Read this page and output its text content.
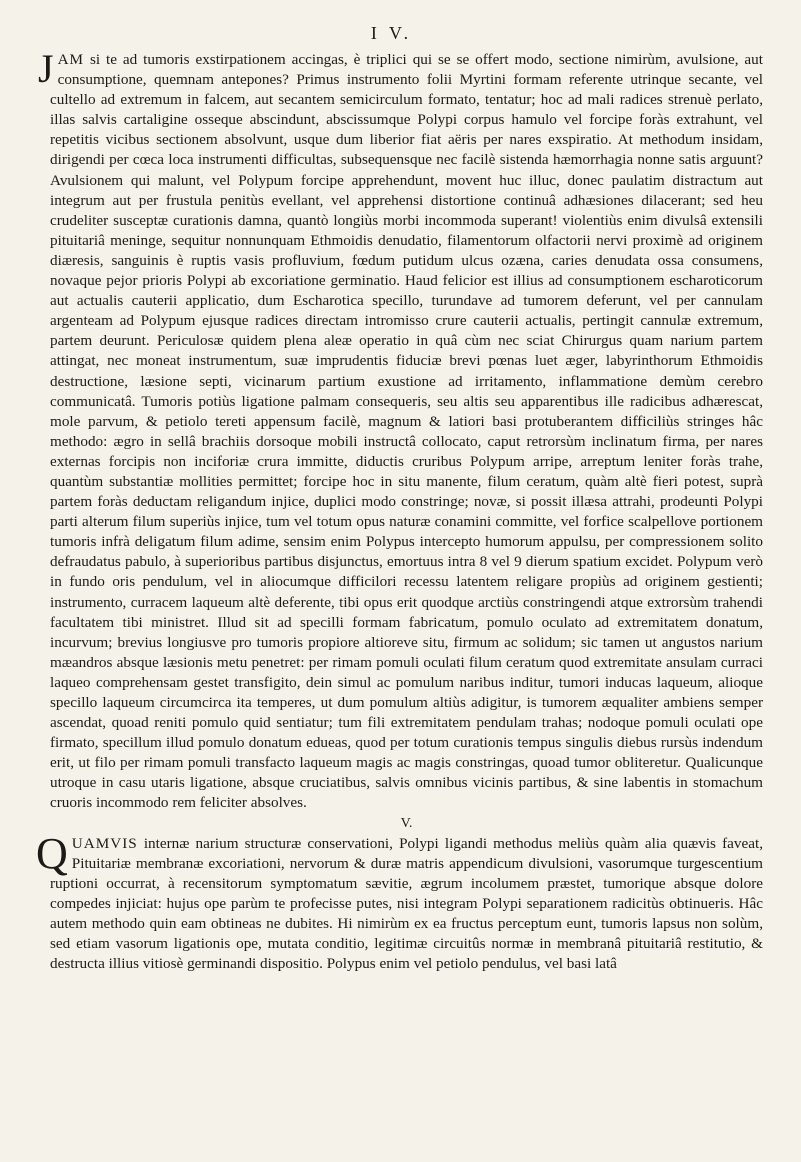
I V.

JAM si te ad tumoris exstirpationem accingas, è triplici qui se se offert modo, sectione nimirùm, avulsione, aut consumptione, quemnam antepones? Primus instrumento folii Myrtini formam referente utrinque secante, vel cultello ad extremum in falcem, aut secantem semicirculum formato, tentatur; hoc ad mali radices strenuè perlato, illas salvis cartaligine osseque abscindunt, abscissumque Polypi corpus hamulo vel forcipe foràs extrahunt, vel repetitis vicibus sectionem absolvunt, usque dum liberior fiat aëris per nares exspiratio. At methodum insidam, dirigendi per cœca loca instrumenti difficultas, subsequensque nec facilè sistenda hæmorrhagia nonne satis arguunt? Avulsionem qui malunt, vel Polypum forcipe apprehendunt, movent huc illuc, donec paulatim distractum aut integrum aut per frustula penitùs evellant, vel apprehensi distortione continuâ adhæsiones dilacerant; sed heu crudeliter susceptæ curationis damna, quantò longiùs morbi incommoda superant! violentiùs enim divulsâ extensili pituitariâ meninge, sequitur nonnunquam Ethmoidis denudatio, filamentorum olfactorii nervi proximè ad originem diæresis, sanguinis è ruptis vasis profluvium, fœdum putidum ulcus ozæna, caries denudata ossa consumens, novaque pejor prioris Polypi ab excoriatione germinatio. Haud felicior est illius ad consumptionem escharoticorum aut actualis cauterii applicatio, dum Escharotica specillo, turundave ad tumorem deferunt, vel per cannulam argenteam ad Polypum ejusque radices directam intromisso crure cauterii actualis, pertingit cannulæ extremum, partem deurunt. Periculosæ quidem plena aleæ operatio in quâ cùm nec sciat Chirurgus quam narium partem attingat, nec moneat instrumentum, suæ imprudentis fiduciæ brevi pœnas luet æger, labyrinthorum Ethmoidis destructione, læsione septi, vicinarum partium exustione ad irritamento, inflammatione demùm cerebro communicatâ. Tumoris potiùs ligatione palmam consequeris, seu altis seu apparentibus ille radicibus adhærescat, mole parvum, & petiolo tereti appensum facilè, magnum & latiori basi protuberantem difficiliùs stringes hâc methodo: ægro in sellâ brachiis dorsoque mobili instructâ collocato, caput retrorsùm inclinatum firma, per nares externas forcipis non inciforiæ crura immitte, diductis cruribus Polypum arripe, arreptum leniter foràs trahe, quantùm substantiæ mollities permittet; forcipe hoc in situ manente, filum ceratum, quàm altè fieri potest, suprà partem foràs deductam religandum injice, duplici modo constringe; novæ, si possit illæsa attrahi, prodeunti Polypi parti alterum filum superiùs injice, tum vel totum opus naturæ conamini committe, vel forfice scalpellove portionem tumoris infrà deligatum filum adime, sensim enim Polypus intercepto humorum appulsu, per compressionem solito defraudatus pabulo, à superioribus partibus disjunctus, emortuus intra 8 vel 9 dierum spatium excidet. Polypum verò in fundo oris pendulum, vel in aliocumque difficilori recessu latentem religare propiùs ad originem gestienti; instrumento, curracem laqueum altè deferente, tibi opus erit quodque arctiùs constringendi atque extrorsùm trahendi facultatem tibi ministret. Illud sit ad specilli formam fabricatum, pomulo oculato ad extremitatem donatum, incurvum; brevius longiusve pro tumoris propiore altioreve situ, firmum ac solidum; sic tamen ut angustos narium mæandros absque læsionis metu penetret: per rimam pomuli oculati filum ceratum quod extremitate ansulam curraci laqueo comprehensam gestet transfigito, dein simul ac pomulum naribus inditur, tumori inducas laqueum, alioque specillo laqueum circumcirca ita temperes, ut dum pomulum altiùs adigitur, is tumorem æqualiter ambiens semper ascendat, quoad reniti pomulo quid sentiatur; tum fili extremitatem pendulam trahas; nodoque pomuli oculati ope firmato, specillum illud pomulo donatum edueas, quod per totum curationis tempus singulis diebus rursùs indendum erit, ut filo per rimam pomuli transfacto laqueum magis ac magis constringas, quoad tumor obliteretur. Qualicunque utroque in casu utaris ligatione, absque cruciatibus, salvis omnibus vicinis partibus, & sine labentis in stomachum cruoris incommodo rem feliciter absolves.

V.

QUAMVIS internæ narium structuræ conservationi, Polypi ligandi methodus meliùs quàm alia quævis faveat, Pituitariæ membranæ excoriationi, nervorum & duræ matris appendicum divulsioni, vasorumque turgescentium ruptioni occurrat, à recensitorum symptomatum sævitie, ægrum incolumem præstet, tumorique absque dolore compedes injiciat: hujus ope parùm te profecisse putes, nisi integram Polypi separationem radicitùs obtinueris. Hâc autem methodo quin eam obtineas ne dubites. Hi nimirùm ex ea fructus perceptum eunt, tumoris lapsus non solùm, sed etiam vasorum ligationis ope, mutata conditio, legitimæ circuitûs normæ in membranâ pituitariâ restitutio, & destructa illius vitiosè germinandi dispositio. Polypus enim vel petiolo pendulus, vel basi latâ
